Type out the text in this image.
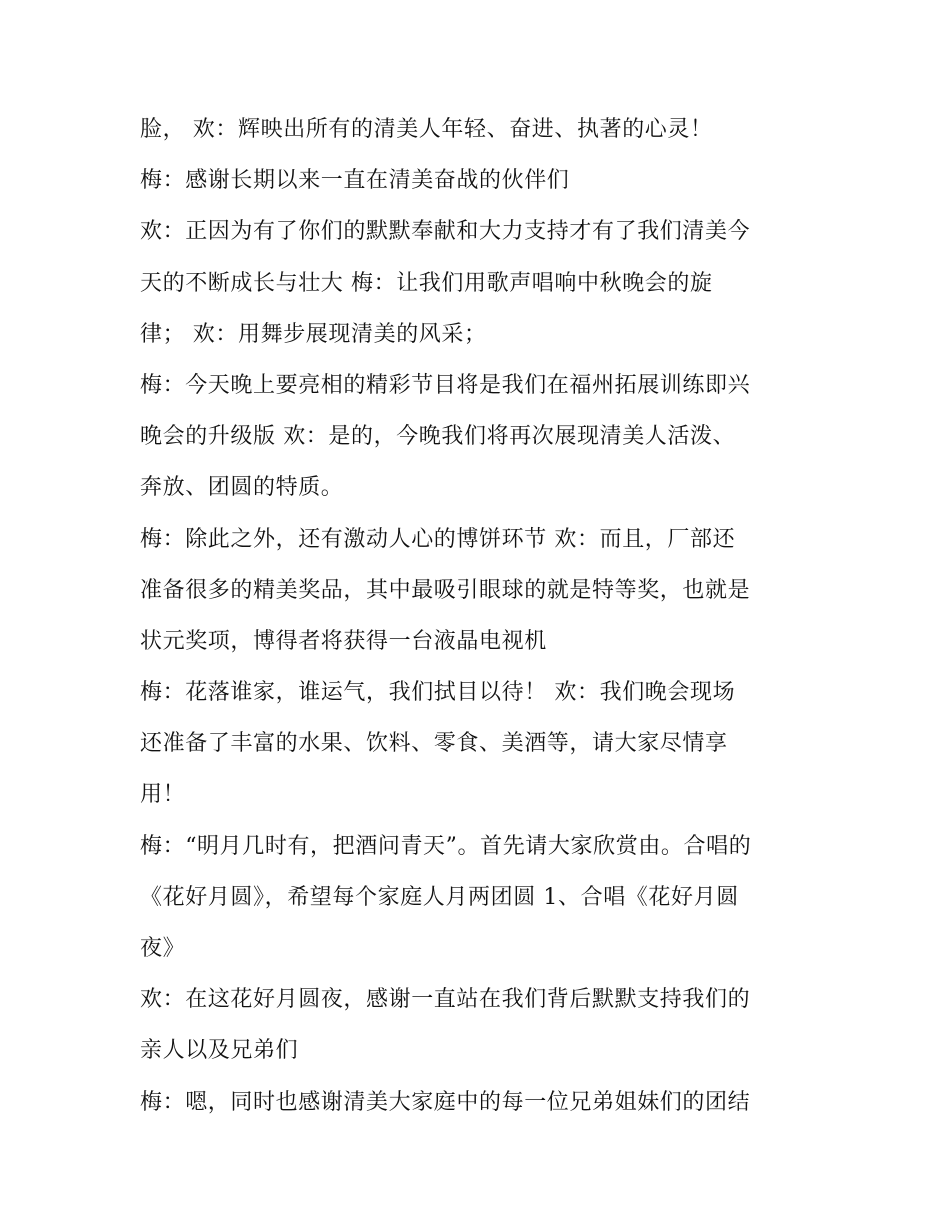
脸， 欢：辉映出所有的清美人年轻、奋进、执著的心灵！
梅：感谢长期以来一直在清美奋战的伙伴们
欢：正因为有了你们的默默奉献和大力支持才有了我们清美今
天的不断成长与壮大 梅：让我们用歌声唱响中秋晚会的旋
律； 欢：用舞步展现清美的风采；
梅：今天晚上要亮相的精彩节目将是我们在福州拓展训练即兴
晚会的升级版 欢：是的，今晚我们将再次展现清美人活泼、
奔放、团圆的特质。
梅：除此之外，还有激动人心的博饼环节 欢：而且，厂部还
准备很多的精美奖品，其中最吸引眼球的就是特等奖，也就是
状元奖项，博得者将获得一台液晶电视机
梅：花落谁家，谁运气，我们拭目以待！ 欢：我们晚会现场
还准备了丰富的水果、饮料、零食、美酒等，请大家尽情享
用！
梅：“明月几时有，把酒问青天”。首先请大家欣赏由。合唱的
《花好月圆》，希望每个家庭人月两团圆 1、合唱《花好月圆
夜》
欢：在这花好月圆夜，感谢一直站在我们背后默默支持我们的
亲人以及兄弟们
梅：嗯，同时也感谢清美大家庭中的每一位兄弟姐妹们的团结
